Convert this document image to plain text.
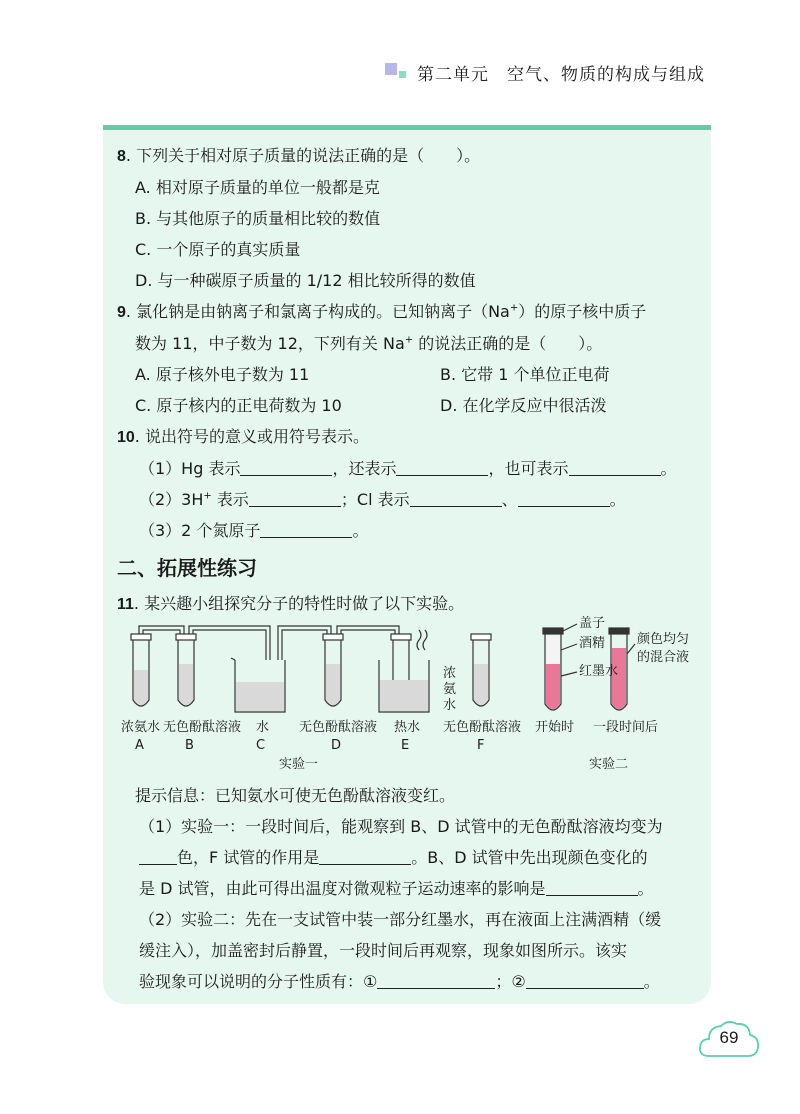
第二单元　空气、物质的构成与组成
8. 下列关于相对原子质量的说法正确的是（　　）。
A. 相对原子质量的单位一般都是克
B. 与其他原子的质量相比较的数值
C. 一个原子的真实质量
D. 与一种碳原子质量的 1/12 相比较所得的数值
9. 氯化钠是由钠离子和氯离子构成的。已知钠离子（Na+）的原子核中质子
数为 11，中子数为 12，下列有关 Na+ 的说法正确的是（　　）。
A. 原子核外电子数为 11	B. 它带 1 个单位正电荷
C. 原子核内的正电荷数为 10	D. 在化学反应中很活泼
10. 说出符号的意义或用符号表示。
（1）Hg 表示	，还表示	，也可表示	。
（2）3H+ 表示	；Cl 表示	、	。
（3）2 个氮原子	。
二、拓展性练习
11. 某兴趣小组探究分子的特性时做了以下实验。
浓氨水
A
无色酚酞溶液
B
水
C
无色酚酞溶液
D
热水
E
无色酚酞溶液
F
浓氨水
实验一
盖子
酒精
红墨水
颜色均匀
的混合液
开始时 一段时间后
实验二
提示信息：已知氨水可使无色酚酞溶液变红。
（1）实验一：一段时间后，能观察到 B、D 试管中的无色酚酞溶液均变为
色，F 试管的作用是	。B、D 试管中先出现颜色变化的
是 D 试管，由此可得出温度对微观粒子运动速率的影响是	。
（2）实验二：先在一支试管中装一部分红墨水，再在液面上注满酒精（缓
缓注入），加盖密封后静置，一段时间后再观察，现象如图所示。该实
验现象可以说明的分子性质有：①	；②	。
69
